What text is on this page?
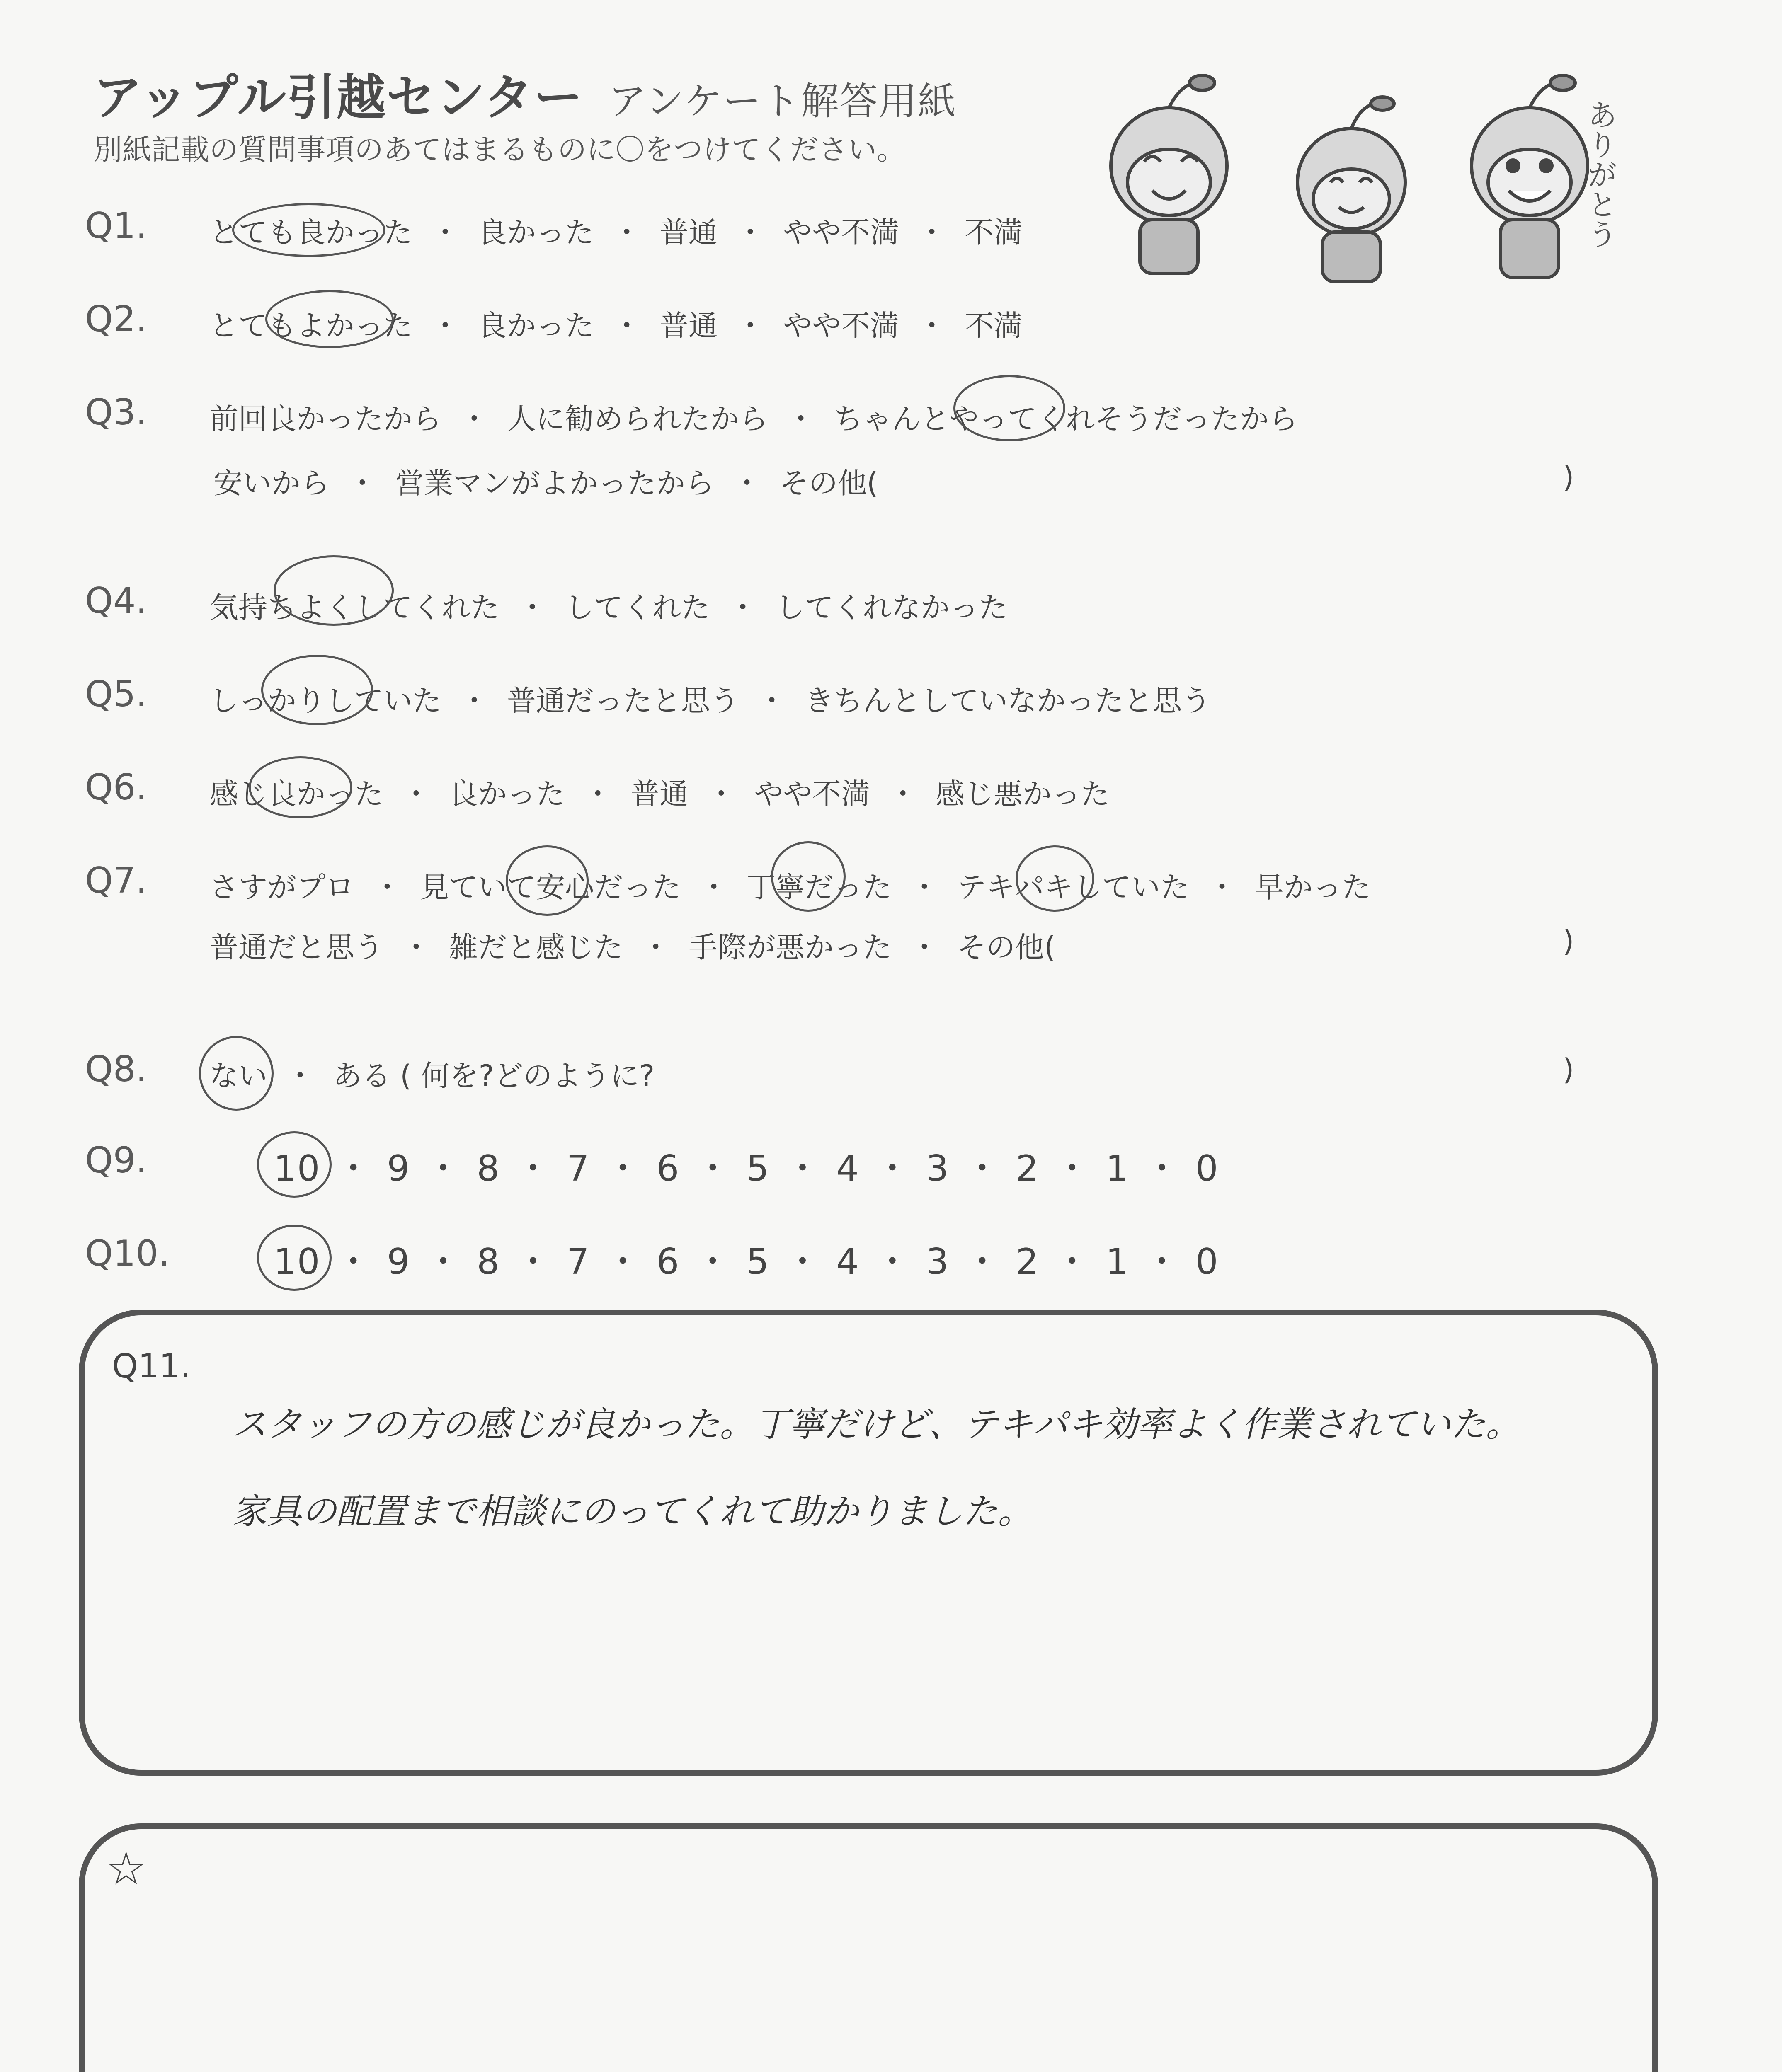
アップル引越センター アンケート解答用紙
別紙記載の質問事項のあてはまるものに〇をつけてください。	ありがとう
Q1. とても良かった ・ 良かった ・ 普通 ・ やや不満 ・ 不満
Q2. とてもよかった ・ 良かった ・ 普通 ・ やや不満 ・ 不満
Q3. 前回良かったから ・ 人に勧められたから ・ ちゃんとやってくれそうだったから
安いから ・ 営業マンがよかったから ・ その他(	)
Q4. 気持ちよくしてくれた ・ してくれた ・ してくれなかった
Q5. しっかりしていた ・ 普通だったと思う ・ きちんとしていなかったと思う
Q6. 感じ良かった ・ 良かった ・ 普通 ・ やや不満 ・ 感じ悪かった
Q7. さすがプロ ・ 見ていて安心だった ・ 丁寧だった ・ テキパキしていた ・ 早かった
普通だと思う ・ 雑だと感じた ・ 手際が悪かった ・ その他(	)
Q8. ない ・ ある ( 何を?どのように?	)
Q9.	10 ・ 9 ・ 8 ・ 7 ・ 6 ・ 5 ・ 4 ・ 3 ・ 2 ・ 1 ・ 0
Q10.	10 ・ 9 ・ 8 ・ 7 ・ 6 ・ 5 ・ 4 ・ 3 ・ 2 ・ 1 ・ 0
Q11.
スタッフの方の感じが良かった。丁寧だけど、テキパキ効率よく作業されていた。
家具の配置まで相談にのってくれて助かりました。
☆
